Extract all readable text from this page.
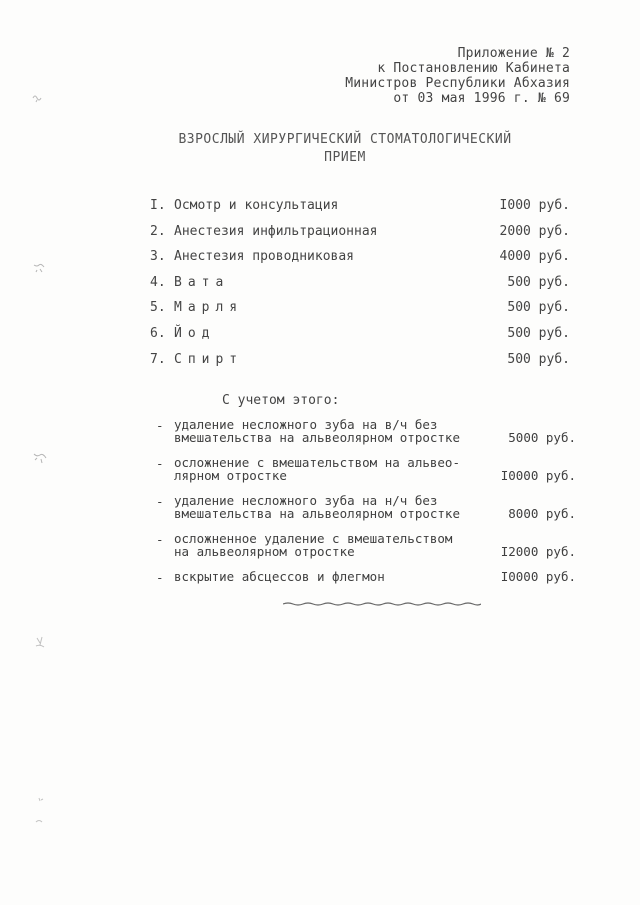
Приложение № 2
к Постановлению Кабинета
Министров Республики Абхазия
от 03 мая 1996 г. № 69
ВЗРОСЛЫЙ ХИРУРГИЧЕСКИЙ СТОМАТОЛОГИЧЕСКИЙ
ПРИЕМ
I. Осмотр и консультация	I000 руб.
2. Анестезия инфильтрационная	2000 руб.
3. Анестезия проводниковая	4000 руб.
4. Вата	500 руб.
5. Марля	500 руб.
6. Йод	500 руб.
7. Спирт	500 руб.
С учетом этого:
- удаление несложного зуба на в/ч без
вмешательства на альвеолярном отростке	5000 руб.
- осложнение с вмешательством на альвео-
лярном отростке	I0000 руб.
- удаление несложного зуба на н/ч без
вмешательства на альвеолярном отростке	8000 руб.
- осложненное удаление с вмешательством
на альвеолярном отростке	I2000 руб.
- вскрытие абсцессов и флегмон	I0000 руб.
